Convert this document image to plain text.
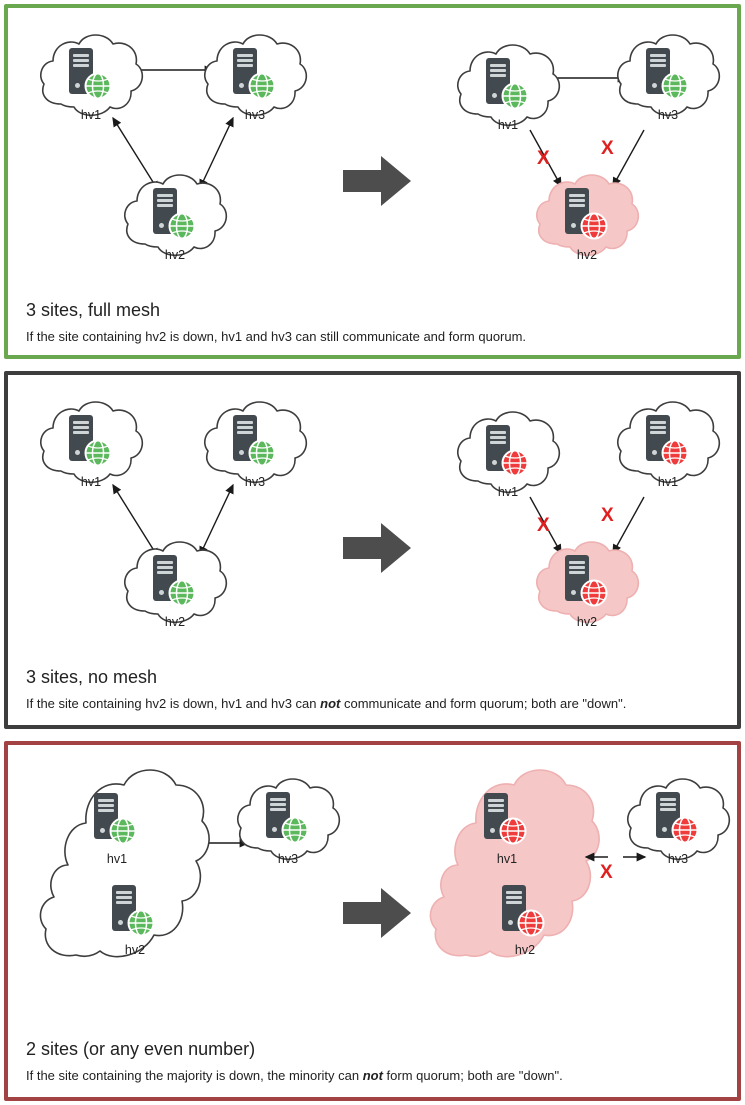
hv1	hv3
hv2
hv1
hv3
hv2
X	X
3 sites, full mesh

If the site containing hv2 is down, hv1 and hv3 can still communicate and form quorum.

hv1	hv3
hv2
hv1
hv1
hv2
X	X
3 sites, no mesh

If the site containing hv2 is down, hv1 and hv3 can not communicate and form quorum; both are "down".

hv1
hv2
hv3	hv1
hv2
hv3
X
2 sites (or any even number)

If the site containing the majority is down, the minority can not form quorum; both are "down".
